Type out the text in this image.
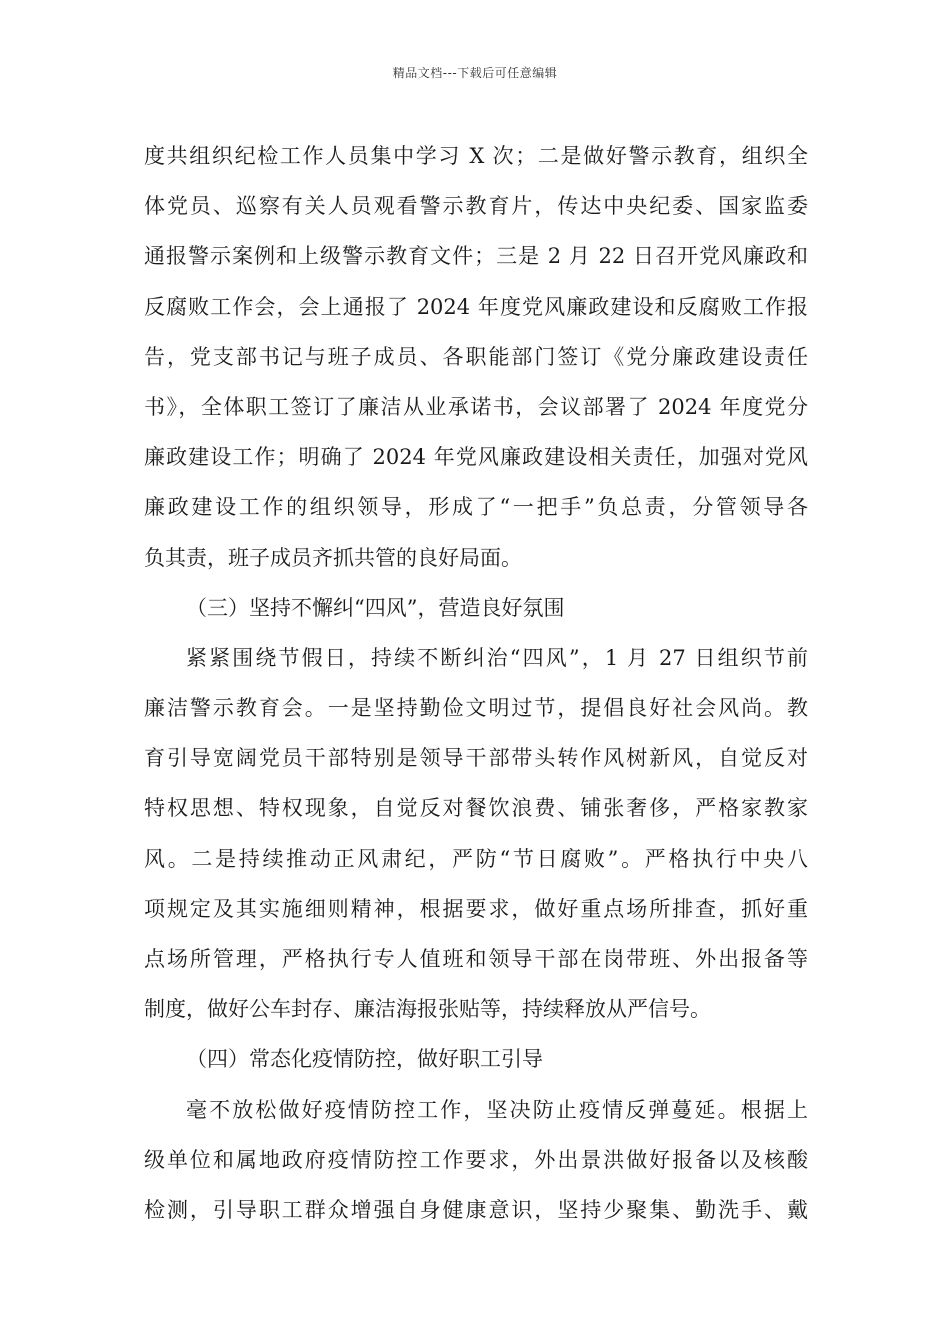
精品文档---下载后可任意编辑
度共组织纪检工作人员集中学习 X 次；二是做好警示教育，组织全
体党员、巡察有关人员观看警示教育片，传达中央纪委、国家监委
通报警示案例和上级警示教育文件；三是 2 月 22 日召开党风廉政和
反腐败工作会，会上通报了 2024 年度党风廉政建设和反腐败工作报
告，党支部书记与班子成员、各职能部门签订《党分廉政建设责任
书》，全体职工签订了廉洁从业承诺书，会议部署了 2024 年度党分
廉政建设工作；明确了 2024 年党风廉政建设相关责任，加强对党风
廉政建设工作的组织领导，形成了“一把手”负总责，分管领导各
负其责，班子成员齐抓共管的良好局面。
（三）坚持不懈纠“四风”，营造良好氛围
紧紧围绕节假日，持续不断纠治“四风”，1 月 27 日组织节前
廉洁警示教育会。一是坚持勤俭文明过节，提倡良好社会风尚。教
育引导宽阔党员干部特别是领导干部带头转作风树新风，自觉反对
特权思想、特权现象，自觉反对餐饮浪费、铺张奢侈，严格家教家
风。二是持续推动正风肃纪，严防“节日腐败”。严格执行中央八
项规定及其实施细则精神，根据要求，做好重点场所排查，抓好重
点场所管理，严格执行专人值班和领导干部在岗带班、外出报备等
制度，做好公车封存、廉洁海报张贴等，持续释放从严信号。
（四）常态化疫情防控，做好职工引导
毫不放松做好疫情防控工作，坚决防止疫情反弹蔓延。根据上
级单位和属地政府疫情防控工作要求，外出景洪做好报备以及核酸
检测，引导职工群众增强自身健康意识，坚持少聚集、勤洗手、戴
